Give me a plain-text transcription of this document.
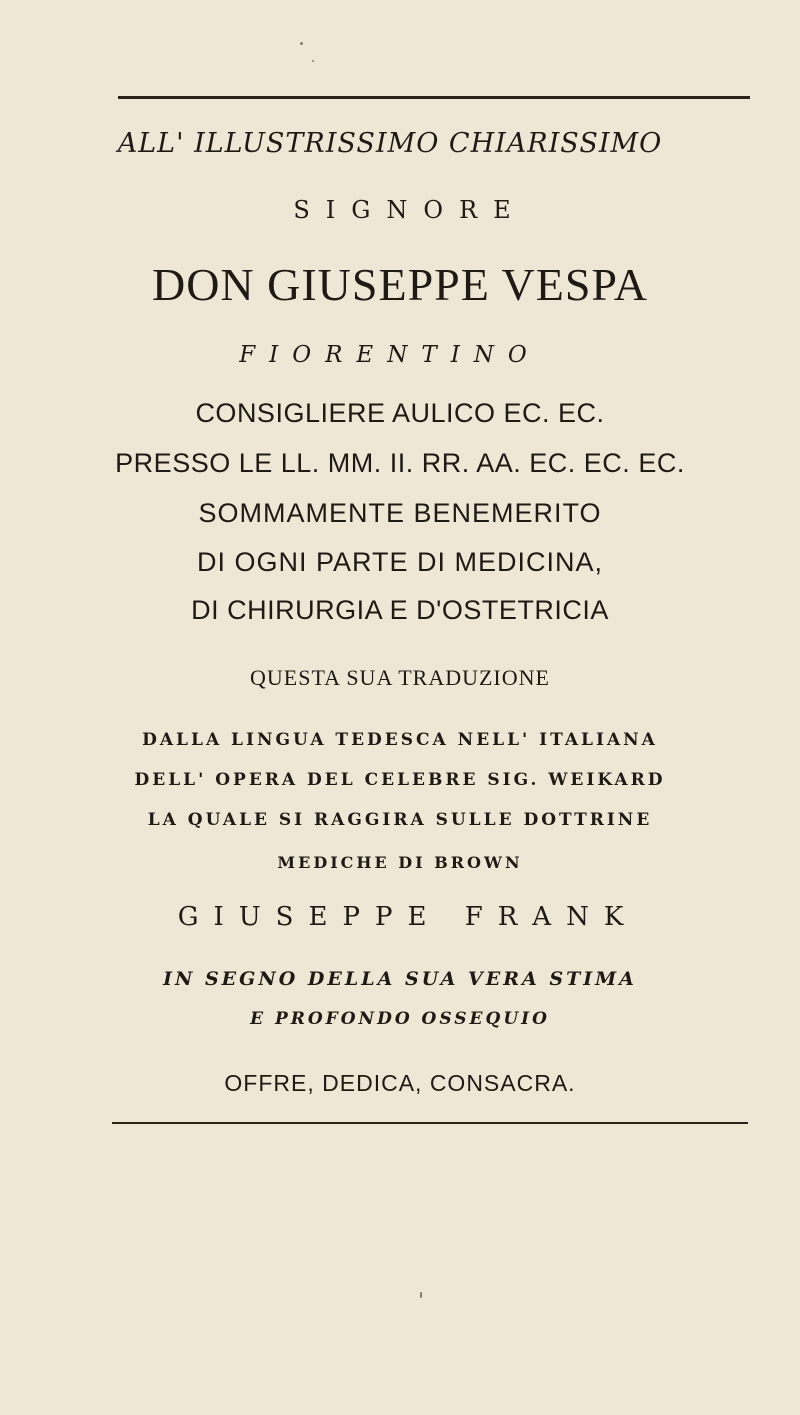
ALL' ILLUSTRISSIMO CHIARISSIMO
SIGNORE
DON GIUSEPPE VESPA
FIORENTINO
CONSIGLIERE AULICO EC. EC.
PRESSO LE LL. MM. II. RR. AA. EC. EC. EC.
SOMMAMENTE BENEMERITO
DI OGNI PARTE DI MEDICINA,
DI CHIRURGIA E D'OSTETRICIA
QUESTA SUA TRADUZIONE
DALLA LINGUA TEDESCA NELL' ITALIANA
DELL' OPERA DEL CELEBRE SIG. WEIKARD
LA QUALE SI RAGGIRA SULLE DOTTRINE
MEDICHE DI BROWN
GIUSEPPE FRANK
IN SEGNO DELLA SUA VERA STIMA
E PROFONDO OSSEQUIO
OFFRE, DEDICA, CONSACRA.
